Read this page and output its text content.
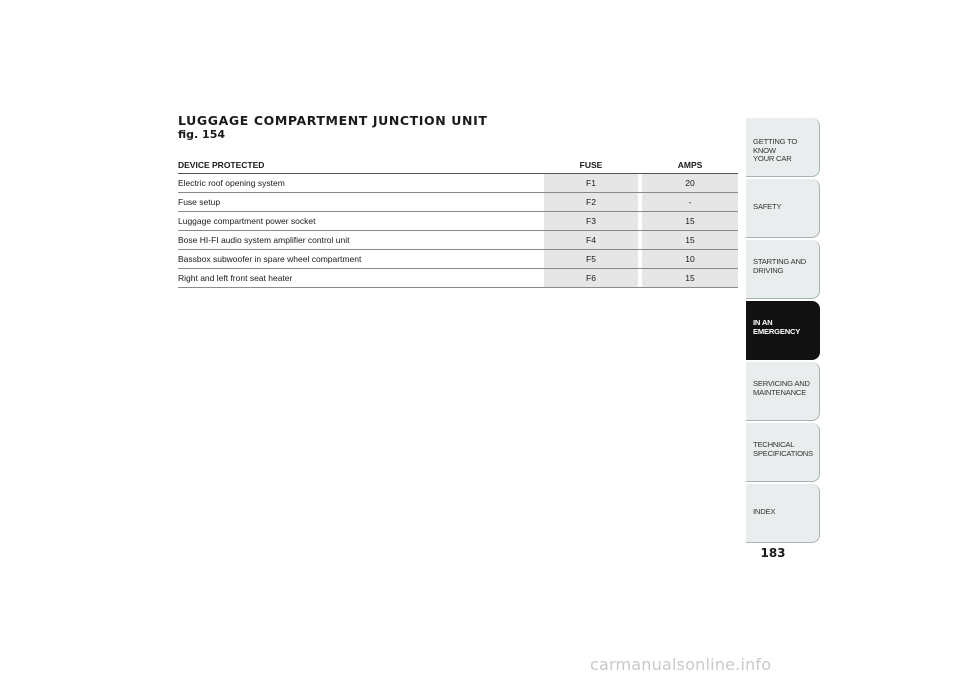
LUGGAGE COMPARTMENT JUNCTION UNIT
fig. 154
DEVICE PROTECTED		FUSE		AMPS
Electric roof opening system		F1		20
Fuse setup		F2		-
Luggage compartment power socket		F3		15
Bose HI-FI audio system amplifier control unit		F4		15
Bassbox subwoofer in spare wheel compartment		F5		10
Right and left front seat heater		F6		15
GETTING TO KNOW
YOUR CAR
SAFETY
STARTING AND
DRIVING
IN AN
EMERGENCY
SERVICING AND
MAINTENANCE
TECHNICAL
SPECIFICATIONS
INDEX
183
carmanualsonline.info
